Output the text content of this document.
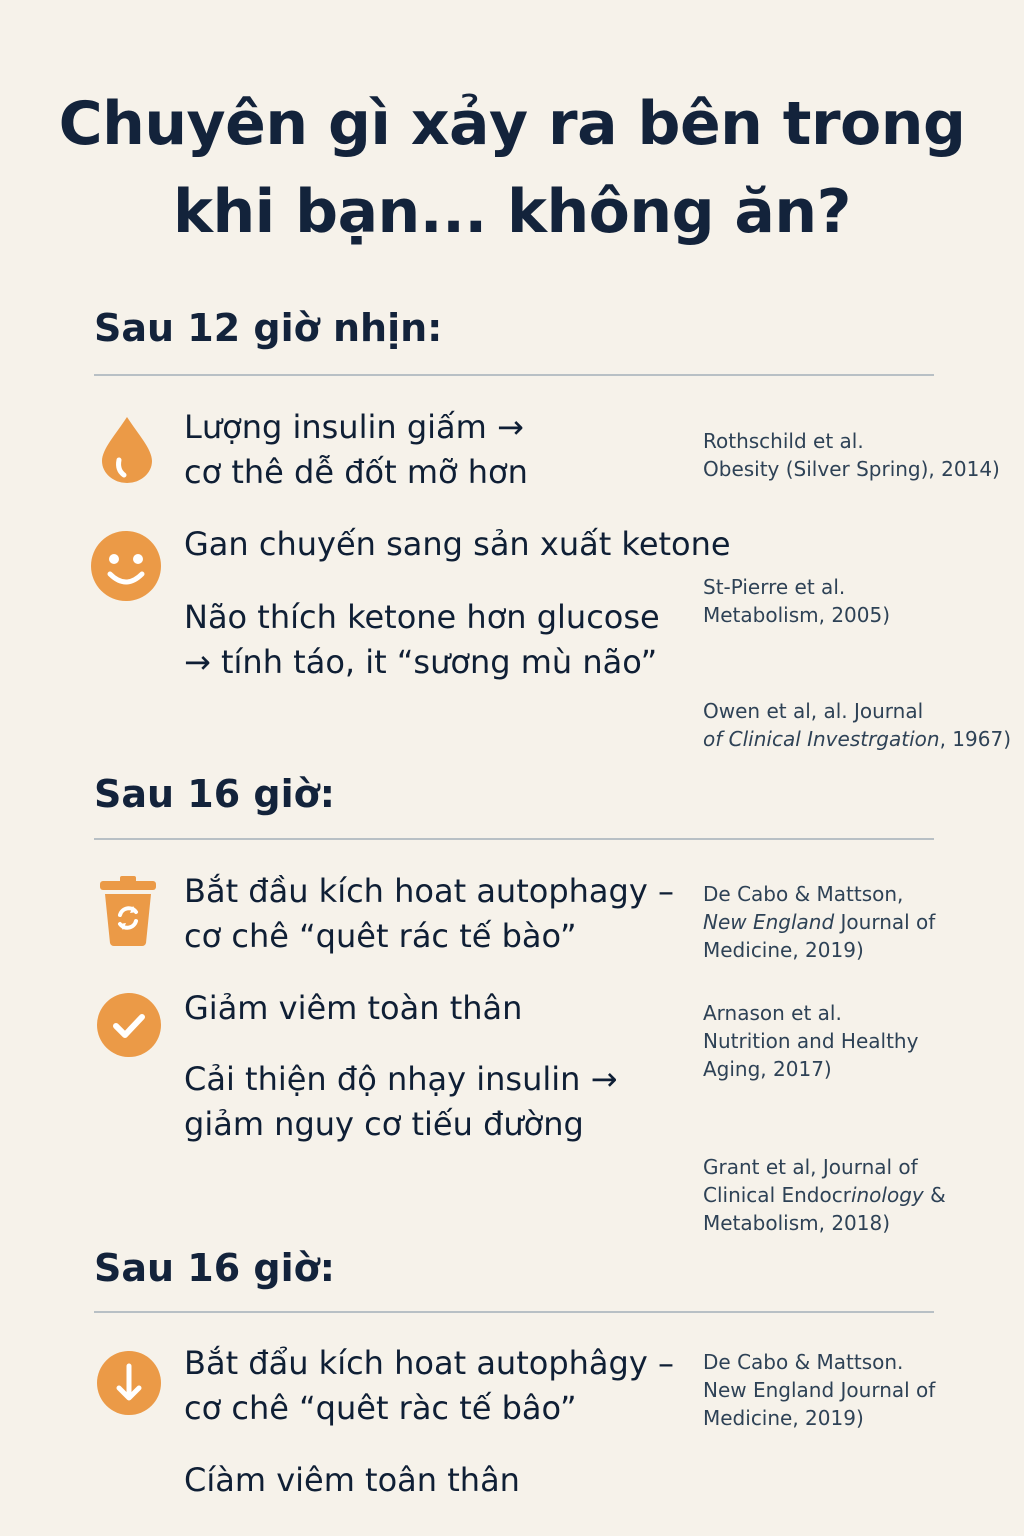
Chuyên gì xảy ra bên trong
khi bạn... không ăn?
Sau 12 giờ nhịn:
Lượng insulin giấm →
cơ thê dễ đốt mỡ hơn
Rothschild et al.
Obesity (Silver Spring), 2014)
Gan chuyến sang sản xuất ketone
Não thích ketone hơn glucose
→ tính táo, it “sương mù não”
St-Pierre et al.
Metabolism, 2005)
Owen et al, al. Journal
of Clinical Investrgation, 1967)
Sau 16 giờ:
Bắt đầu kích hoat autophagy –
cơ chê “quêt rác tế bào”
De Cabo & Mattson,
New England Journal of
Medicine, 2019)
Giảm viêm toàn thân	Arnason et al.
Nutrition and Healthy
Aging, 2017)
Cải thiện độ nhạy insulin →
giảm nguy cơ tiếu đường
Grant et al, Journal of
Clinical Endocrinology &
Metabolism, 2018)
Sau 16 giờ:
Bắt đẩu kích hoat autophâgy –
cơ chê “quêt ràc tế bâo”
De Cabo & Mattson.
New England Journal of
Medicine, 2019)
Cíàm viêm toân thân
